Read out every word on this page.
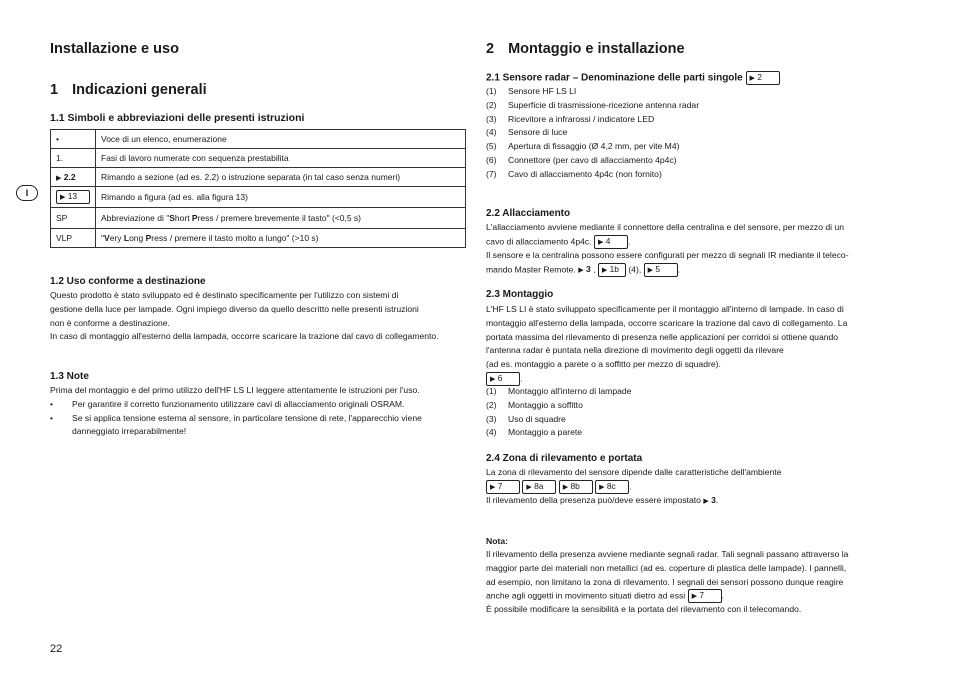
Installazione e uso
1 Indicazioni generali
1.1 Simboli e abbreviazioni delle presenti istruzioni
•	Voce di un elenco, enumerazione
1.	Fasi di lavoro numerate con sequenza prestabilita
▶ 2.2	Rimando a sezione (ad es. 2.2) o istruzione separata (in tal caso senza numeri)
▶ 13	Rimando a figura (ad es. alla figura 13)
SP	Abbreviazione di "Short Press / premere brevemente il tasto" (<0,5 s)
VLP	"Very Long Press / premere il tasto molto a lungo" (>10 s)
I
1.2 Uso conforme a destinazione
Questo prodotto è stato sviluppato ed è destinato specificamente per l'utilizzo con sistemi di
gestione della luce per lampade. Ogni impiego diverso da quello descritto nelle presenti istruzioni
non è conforme a destinazione.
In caso di montaggio all'esterno della lampada, occorre scaricare la trazione dal cavo di collegamento.
1.3 Note
Prima del montaggio e del primo utilizzo dell'HF LS LI leggere attentamente le istruzioni per l'uso.
•	Per garantire il corretto funzionamento utilizzare cavi di allacciamento originali OSRAM.
•	Se si applica tensione esterna al sensore, in particolare tensione di rete, l'apparecchio viene
danneggiato irreparabilmente!
22
2 Montaggio e installazione
2.1 Sensore radar – Denominazione delle parti singole ▶ 2
(1)	Sensore HF LS LI
(2)	Superficie di trasmissione-ricezione antenna radar
(3)	Ricevitore a infrarossi / indicatore LED
(4)	Sensore di luce
(5)	Apertura di fissaggio (Ø 4,2 mm, per vite M4)
(6)	Connettore (per cavo di allacciamento 4p4c)
(7)	Cavo di allacciamento 4p4c (non fornito)
2.2 Allacciamento
L'allacciamento avviene mediante il connettore della centralina e del sensore, per mezzo di un
cavo di allacciamento 4p4c. ▶ 4 .
Il sensore e la centralina possono essere configurati per mezzo di segnali IR mediante il teleco-
mando Master Remote. ▶ 3 , ▶ 1b (4), ▶ 5 .
2.3 Montaggio
L'HF LS LI è stato sviluppato specificamente per il montaggio all'interno di lampade. In caso di
montaggio all'esterno della lampada, occorre scaricare la trazione dal cavo di collegamento. La
portata massima del rilevamento di presenza nelle applicazioni per corridoi si ottiene quando
l'antenna radar è puntata nella direzione di movimento degli oggetti da rilevare
(ad es. montaggio a parete o a soffitto per mezzo di squadre).
▶ 6 .
(1)	Montaggio all'interno di lampade
(2)	Montaggio a soffitto
(3)	Uso di squadre
(4)	Montaggio a parete
2.4 Zona di rilevamento e portata
La zona di rilevamento del sensore dipende dalle caratteristiche dell'ambiente
▶ 7	▶ 8a	▶ 8b	▶ 8c .
Il rilevamento della presenza può/deve essere impostato ▶ 3.
Nota:
Il rilevamento della presenza avviene mediante segnali radar. Tali segnali passano attraverso la
maggior parte dei materiali non metallici (ad es. coperture di plastica delle lampade). I pannelli,
ad esempio, non limitano la zona di rilevamento. I segnali dei sensori possono dunque reagire
anche agli oggetti in movimento situati dietro ad essi ▶ 7 .
È possibile modificare la sensibilità e la portata del rilevamento con il telecomando.
